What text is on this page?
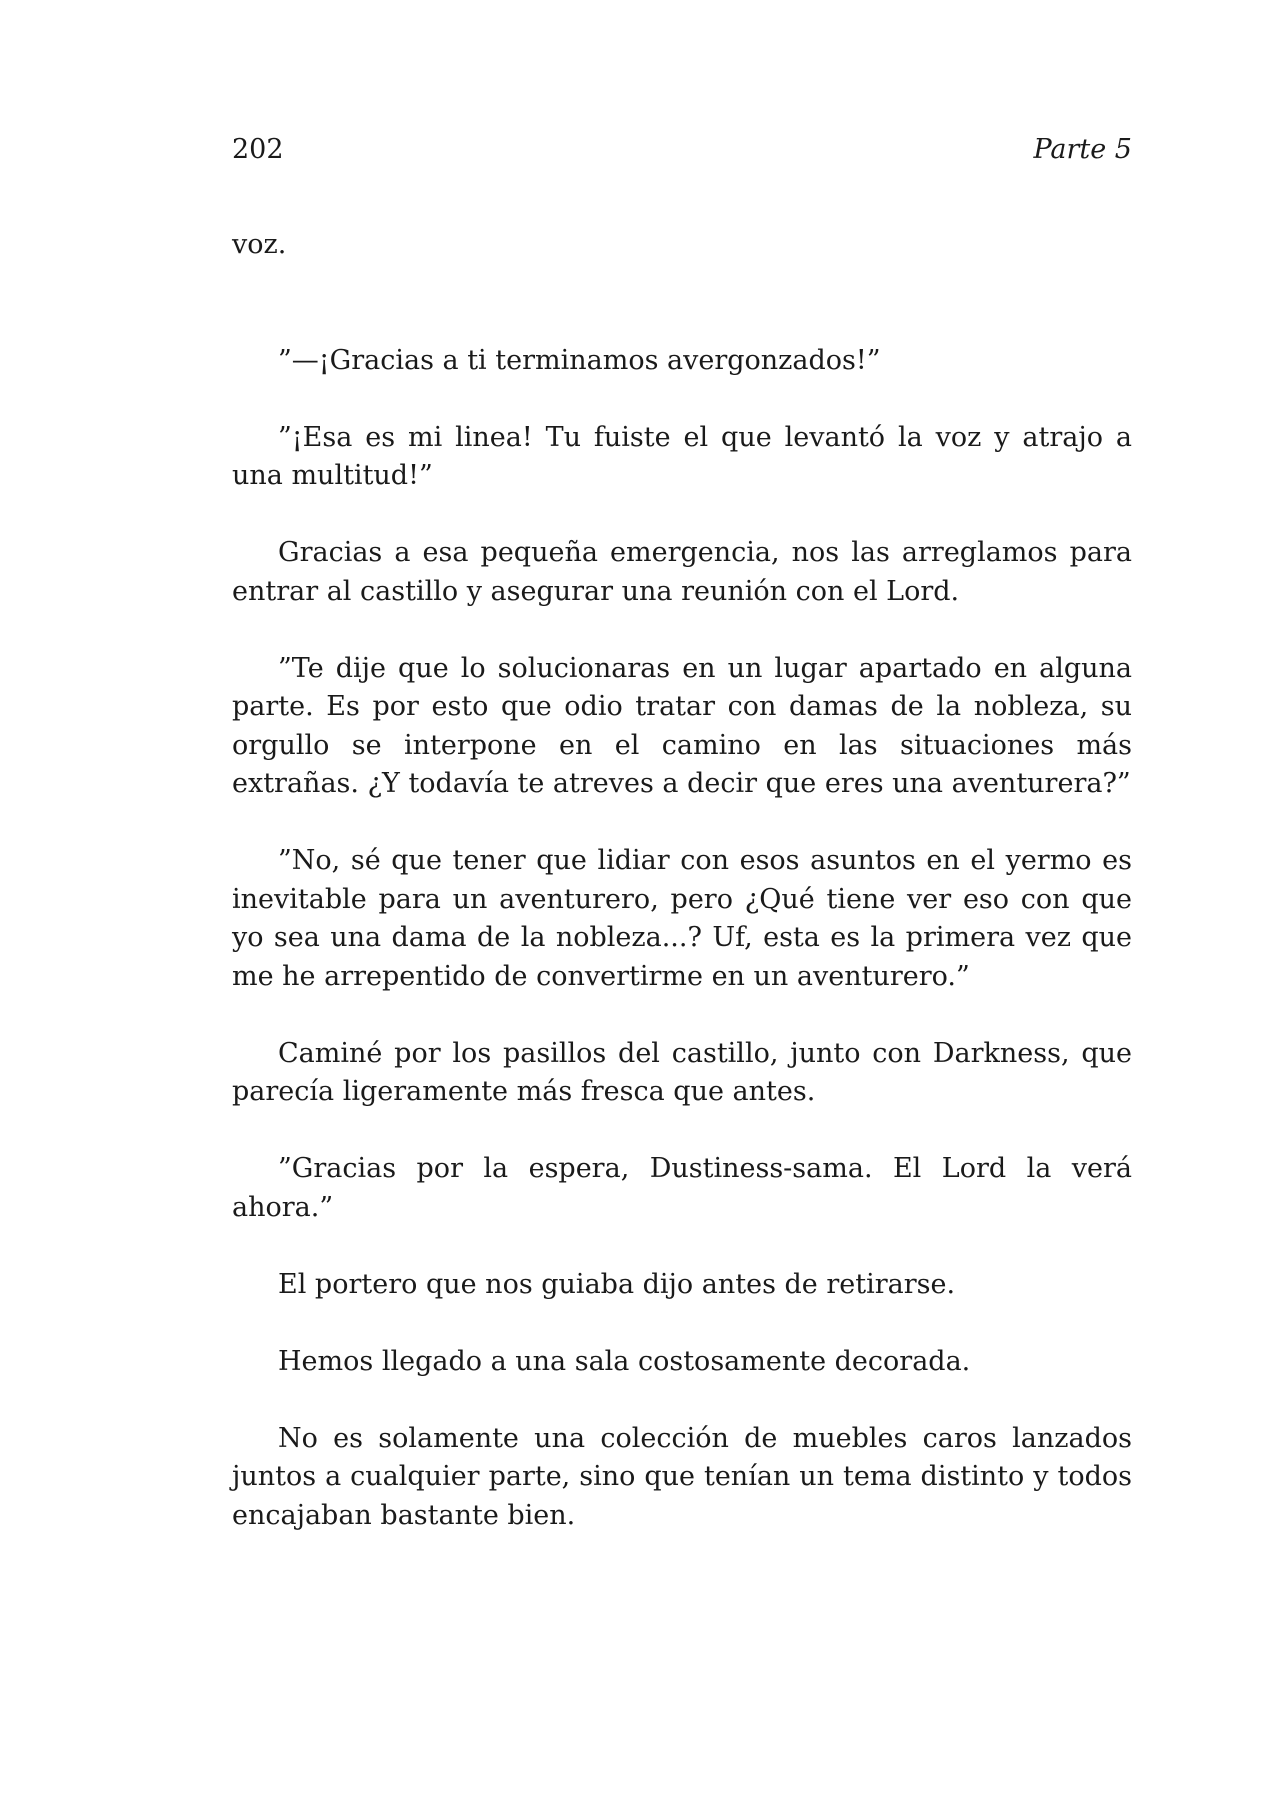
202	Parte 5

voz.

”—¡Gracias a ti terminamos avergonzados!”

”¡Esa es mi linea! Tu fuiste el que levantó la voz y atrajo a una multitud!”

Gracias a esa pequeña emergencia, nos las arreglamos para entrar al castillo y asegurar una reunión con el Lord.

”Te dije que lo solucionaras en un lugar apartado en alguna parte. Es por esto que odio tratar con damas de la nobleza, su orgullo se interpone en el camino en las situaciones más extrañas. ¿Y todavía te atreves a decir que eres una aventurera?”

”No, sé que tener que lidiar con esos asuntos en el yermo es inevitable para un aventurero, pero ¿Qué tiene ver eso con que yo sea una dama de la nobleza...? Uf, esta es la primera vez que me he arrepentido de convertirme en un aventurero.”

Caminé por los pasillos del castillo, junto con Darkness, que parecía ligeramente más fresca que antes.

”Gracias por la espera, Dustiness-sama. El Lord la verá ahora.”

El portero que nos guiaba dijo antes de retirarse.

Hemos llegado a una sala costosamente decorada.

No es solamente una colección de muebles caros lanzados juntos a cualquier parte, sino que tenían un tema distinto y todos encajaban bastante bien.
